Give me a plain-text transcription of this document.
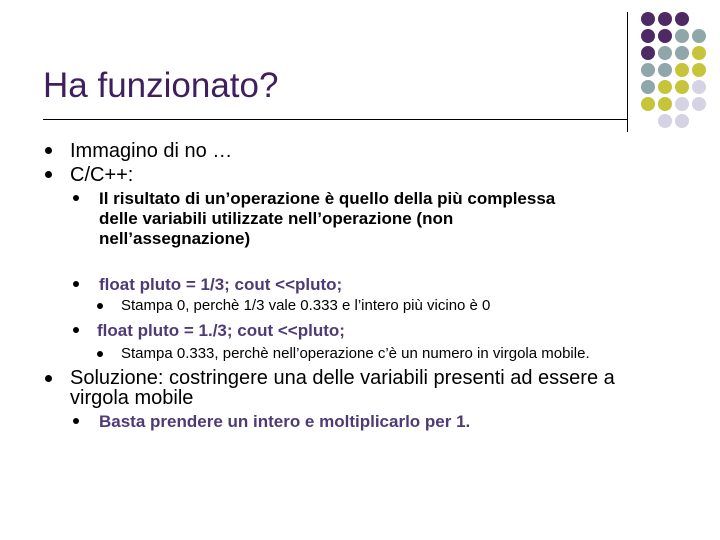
Ha funzionato?
Immagino di no …
C/C++:
Il risultato di un’operazione è quello della più complessa
delle variabili utilizzate nell’operazione (non
nell’assegnazione)
float pluto = 1/3; cout <<pluto;
Stampa 0, perchè 1/3 vale 0.333 e l’intero più vicino è 0
float pluto = 1./3; cout <<pluto;
Stampa 0.333, perchè nell’operazione c’è un numero in virgola mobile.
Soluzione: costringere una delle variabili presenti ad essere a
virgola mobile
Basta prendere un intero e moltiplicarlo per 1.
